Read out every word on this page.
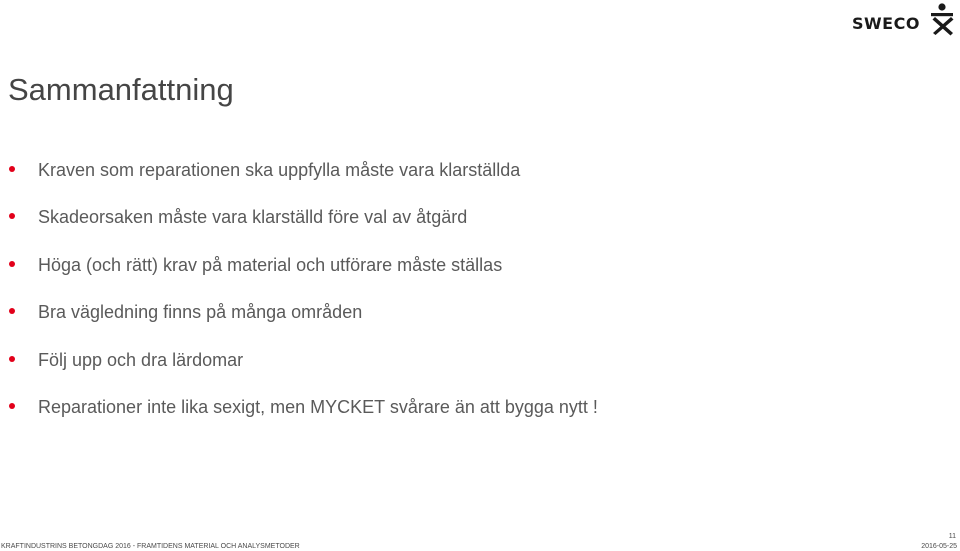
SWECO
Sammanfattning
Kraven som reparationen ska uppfylla måste vara klarställda
Skadeorsaken måste vara klarställd före val av åtgärd
Höga (och rätt) krav på material och utförare måste ställas
Bra vägledning finns på många områden
Följ upp och dra lärdomar
Reparationer inte lika sexigt, men MYCKET svårare än att bygga nytt !
KRAFTINDUSTRINS BETONGDAG 2016 - FRAMTIDENS MATERIAL OCH ANALYSMETODER
11
2016-05-25
